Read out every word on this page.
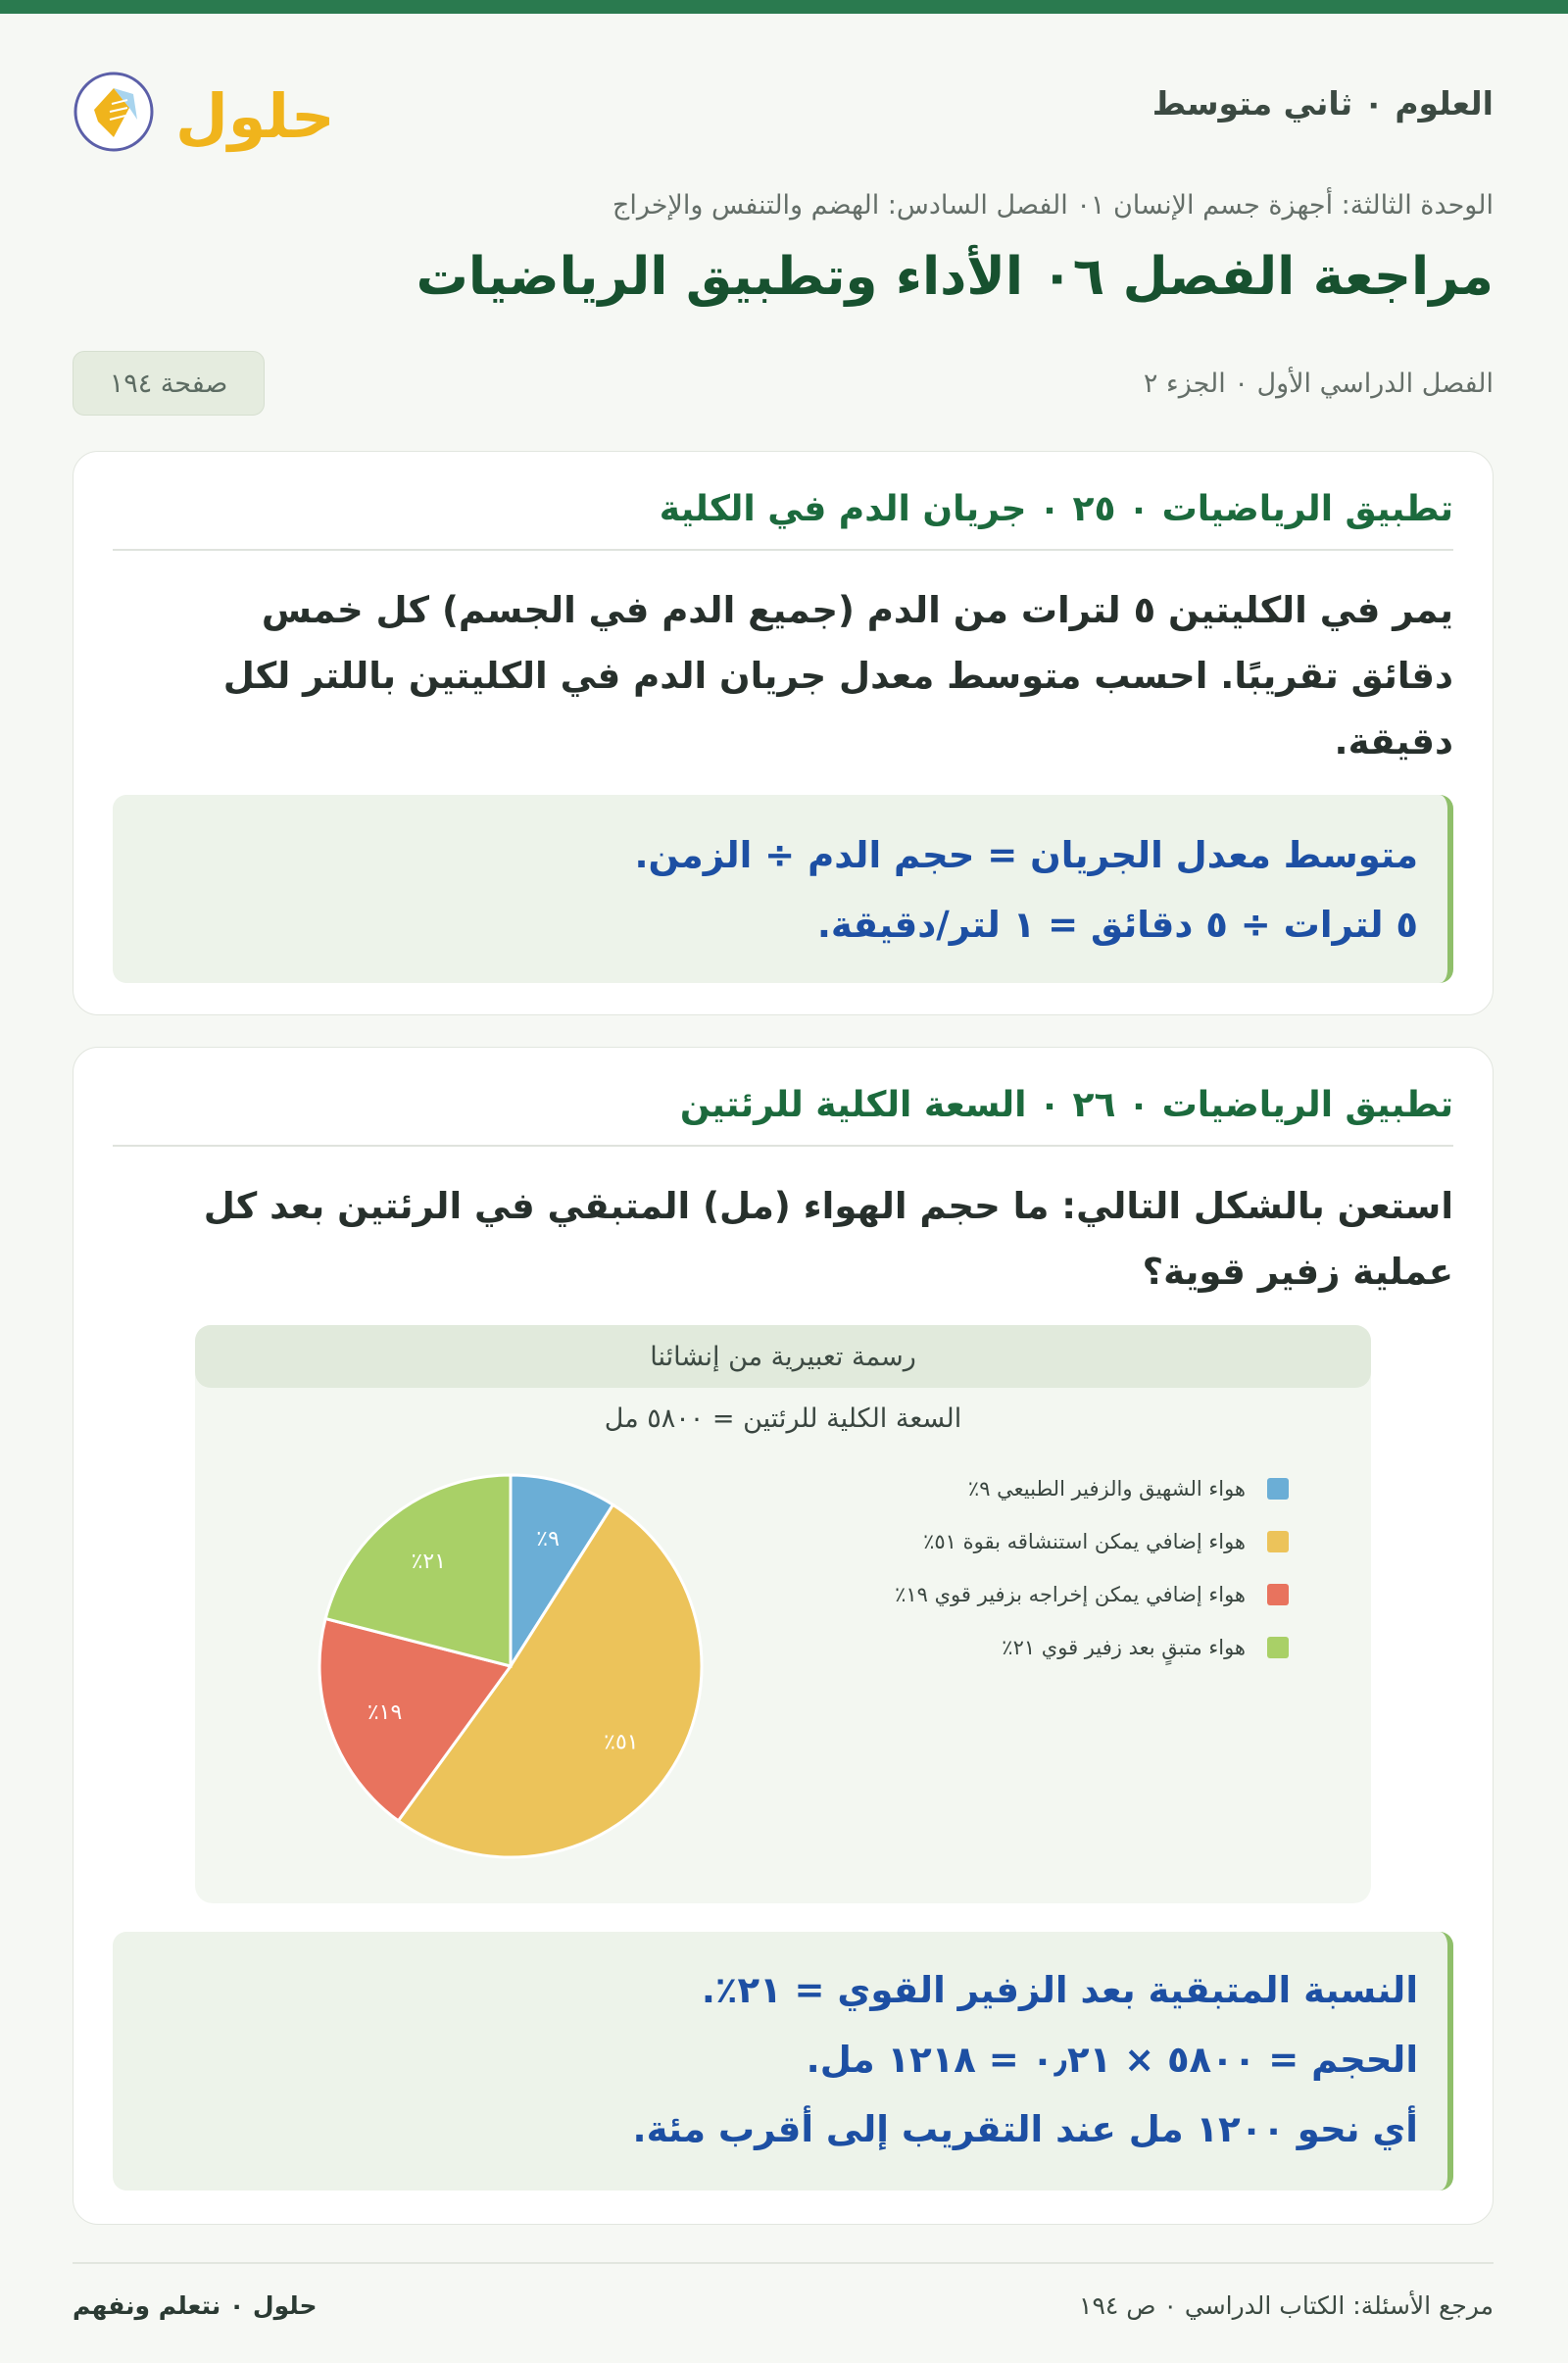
العلوم ٠ ثاني متوسط
حلول
الوحدة الثالثة: أجهزة جسم الإنسان ٠١ الفصل السادس: الهضم والتنفس والإخراج
مراجعة الفصل ٠٦ الأداء وتطبيق الرياضيات
الفصل الدراسي الأول ٠ الجزء ٢
صفحة ١٩٤
تطبيق الرياضيات ٠ ٢٥ ٠ جريان الدم في الكلية
يمر في الكليتين ٥ لترات من الدم (جميع الدم في الجسم) كل خمس
دقائق تقريبًا. احسب متوسط معدل جريان الدم في الكليتين باللتر لكل
دقيقة.
متوسط معدل الجريان = حجم الدم ÷ الزمن.
٥ لترات ÷ ٥ دقائق = ١ لتر/دقيقة.
تطبيق الرياضيات ٠ ٢٦ ٠ السعة الكلية للرئتين
استعن بالشكل التالي: ما حجم الهواء (مل) المتبقي في الرئتين بعد كل
عملية زفير قوية؟
رسمة تعبيرية من إنشائنا
السعة الكلية للرئتين = ٥٨٠٠ مل
٩٪
٥١٪
١٩٪
٢١٪
هواء الشهيق والزفير الطبيعي ٩٪
هواء إضافي يمكن استنشاقه بقوة ٥١٪
هواء إضافي يمكن إخراجه بزفير قوي ١٩٪
هواء متبقٍ بعد زفير قوي ٢١٪
النسبة المتبقية بعد الزفير القوي = ٢١٪.
الحجم = ٥٨٠٠ × ٠٫٢١ = ١٢١٨ مل.
أي نحو ١٢٠٠ مل عند التقريب إلى أقرب مئة.
مرجع الأسئلة: الكتاب الدراسي ٠ ص ١٩٤
حلول ٠ نتعلم ونفهم
